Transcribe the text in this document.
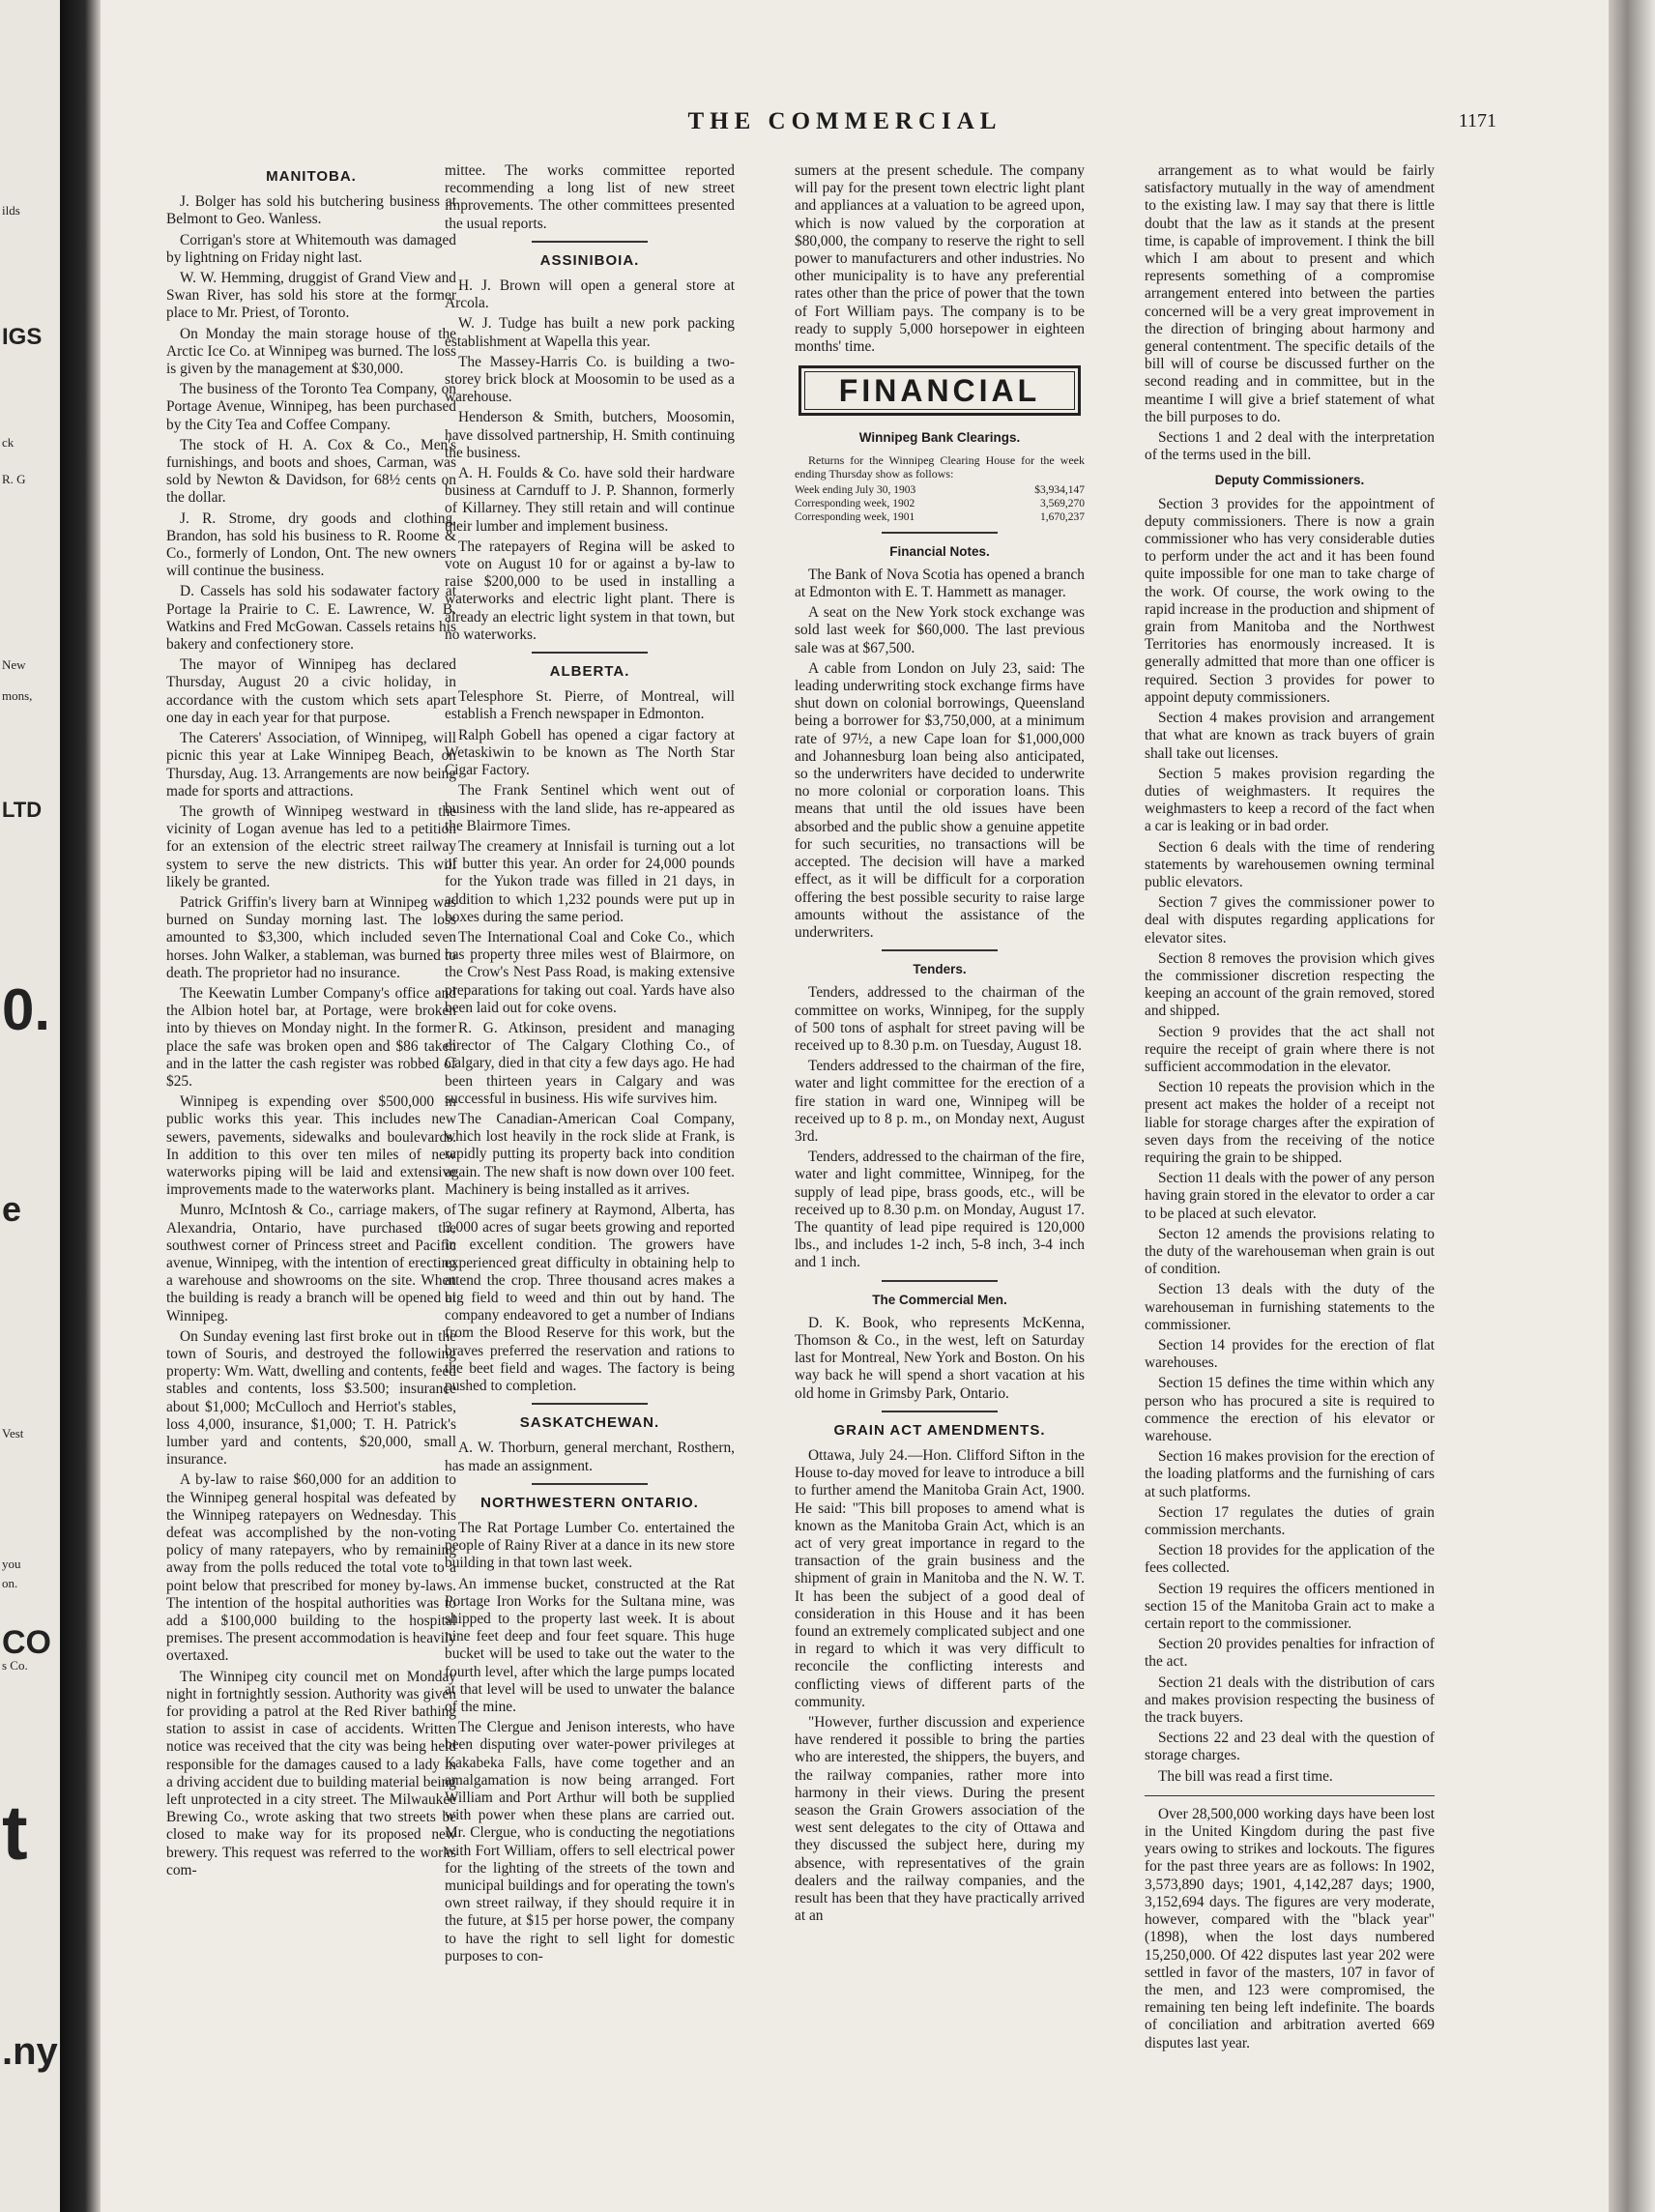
ilds
IGS
ck
R. G
New
mons,
LTD
0.
e
Vest
you
on.
CO
s Co.
t
.ny
THE COMMERCIAL	1171
MANITOBA.

J. Bolger has sold his butchering business at Belmont to Geo. Wanless.

Corrigan's store at Whitemouth was damaged by lightning on Friday night last.

W. W. Hemming, druggist of Grand View and Swan River, has sold his store at the former place to Mr. Priest, of Toronto.

On Monday the main storage house of the Arctic Ice Co. at Winnipeg was burned. The loss is given by the management at $30,000.

The business of the Toronto Tea Company, on Portage Avenue, Winnipeg, has been purchased by the City Tea and Coffee Company.

The stock of H. A. Cox & Co., Men's furnishings, and boots and shoes, Carman, was sold by Newton & Davidson, for 68½ cents on the dollar.

J. R. Strome, dry goods and clothing, Brandon, has sold his business to R. Roome & Co., formerly of London, Ont. The new owners will continue the business.

D. Cassels has sold his sodawater factory at Portage la Prairie to C. E. Lawrence, W. B. Watkins and Fred McGowan. Cassels retains his bakery and confectionery store.

The mayor of Winnipeg has declared Thursday, August 20 a civic holiday, in accordance with the custom which sets apart one day in each year for that purpose.

The Caterers' Association, of Winnipeg, will picnic this year at Lake Winnipeg Beach, on Thursday, Aug. 13. Arrangements are now being made for sports and attractions.

The growth of Winnipeg westward in the vicinity of Logan avenue has led to a petition for an extension of the electric street railway system to serve the new districts. This will likely be granted.

Patrick Griffin's livery barn at Winnipeg was burned on Sunday morning last. The loss amounted to $3,300, which included seven horses. John Walker, a stableman, was burned to death. The proprietor had no insurance.

The Keewatin Lumber Company's office and the Albion hotel bar, at Portage, were broken into by thieves on Monday night. In the former place the safe was broken open and $86 taken and in the latter the cash register was robbed of $25.

Winnipeg is expending over $500,000 in public works this year. This includes new sewers, pavements, sidewalks and boulevards. In addition to this over ten miles of new waterworks piping will be laid and extensive improvements made to the waterworks plant.

Munro, McIntosh & Co., carriage makers, of Alexandria, Ontario, have purchased the southwest corner of Princess street and Pacific avenue, Winnipeg, with the intention of erecting a warehouse and showrooms on the site. When the building is ready a branch will be opened at Winnipeg.

On Sunday evening last first broke out in the town of Souris, and destroyed the following property: Wm. Watt, dwelling and contents, feed stables and contents, loss $3.500; insurance about $1,000; McCulloch and Herriot's stables, loss 4,000, insurance, $1,000; T. H. Patrick's lumber yard and contents, $20,000, small insurance.

A by-law to raise $60,000 for an addition to the Winnipeg general hospital was defeated by the Winnipeg ratepayers on Wednesday. This defeat was accomplished by the non-voting policy of many ratepayers, who by remaining away from the polls reduced the total vote to a point below that prescribed for money by-laws. The intention of the hospital authorities was to add a $100,000 building to the hospital premises. The present accommodation is heavily overtaxed.

The Winnipeg city council met on Monday night in fortnightly session. Authority was given for providing a patrol at the Red River bathing station to assist in case of accidents. Written notice was received that the city was being held responsible for the damages caused to a lady in a driving accident due to building material being left unprotected in a city street. The Milwaukee Brewing Co., wrote asking that two streets be closed to make way for its proposed new brewery. This request was referred to the works com-

mittee. The works committee reported recommending a long list of new street improvements. The other committees presented the usual reports.

ASSINIBOIA.

H. J. Brown will open a general store at Arcola.

W. J. Tudge has built a new pork packing establishment at Wapella this year.

The Massey-Harris Co. is building a two-storey brick block at Moosomin to be used as a warehouse.

Henderson & Smith, butchers, Moosomin, have dissolved partnership, H. Smith continuing the business.

A. H. Foulds & Co. have sold their hardware business at Carnduff to J. P. Shannon, formerly of Killarney. They still retain and will continue their lumber and implement business.

The ratepayers of Regina will be asked to vote on August 10 for or against a by-law to raise $200,000 to be used in installing a waterworks and electric light plant. There is already an electric light system in that town, but no waterworks.

ALBERTA.

Telesphore St. Pierre, of Montreal, will establish a French newspaper in Edmonton.

Ralph Gobell has opened a cigar factory at Wetaskiwin to be known as The North Star Cigar Factory.

The Frank Sentinel which went out of business with the land slide, has re-appeared as the Blairmore Times.

The creamery at Innisfail is turning out a lot of butter this year. An order for 24,000 pounds for the Yukon trade was filled in 21 days, in addition to which 1,232 pounds were put up in boxes during the same period.

The International Coal and Coke Co., which has property three miles west of Blairmore, on the Crow's Nest Pass Road, is making extensive preparations for taking out coal. Yards have also been laid out for coke ovens.

R. G. Atkinson, president and managing director of The Calgary Clothing Co., of Calgary, died in that city a few days ago. He had been thirteen years in Calgary and was successful in business. His wife survives him.

The Canadian-American Coal Company, which lost heavily in the rock slide at Frank, is rapidly putting its property back into condition again. The new shaft is now down over 100 feet. Machinery is being installed as it arrives.

The sugar refinery at Raymond, Alberta, has 3,000 acres of sugar beets growing and reported in excellent condition. The growers have experienced great difficulty in obtaining help to attend the crop. Three thousand acres makes a big field to weed and thin out by hand. The company endeavored to get a number of Indians from the Blood Reserve for this work, but the braves preferred the reservation and rations to the beet field and wages. The factory is being pushed to completion.

SASKATCHEWAN.

A. W. Thorburn, general merchant, Rosthern, has made an assignment.

NORTHWESTERN ONTARIO.

The Rat Portage Lumber Co. entertained the people of Rainy River at a dance in its new store building in that town last week.

An immense bucket, constructed at the Rat Portage Iron Works for the Sultana mine, was shipped to the property last week. It is about nine feet deep and four feet square. This huge bucket will be used to take out the water to the fourth level, after which the large pumps located at that level will be used to unwater the balance of the mine.

The Clergue and Jenison interests, who have been disputing over water-power privileges at Kakabeka Falls, have come together and an amalgamation is now being arranged. Fort William and Port Arthur will both be supplied with power when these plans are carried out. Mr. Clergue, who is conducting the negotiations with Fort William, offers to sell electrical power for the lighting of the streets of the town and municipal buildings and for operating the town's own street railway, if they should require it in the future, at $15 per horse power, the company to have the right to sell light for domestic purposes to con-

sumers at the present schedule. The company will pay for the present town electric light plant and appliances at a valuation to be agreed upon, which is now valued by the corporation at $80,000, the company to reserve the right to sell power to manufacturers and other industries. No other municipality is to have any preferential rates other than the price of power that the town of Fort William pays. The company is to be ready to supply 5,000 horsepower in eighteen months' time.

FINANCIAL
Winnipeg Bank Clearings.

Returns for the Winnipeg Clearing House for the week ending Thursday show as follows:

Week ending July 30, 1903	$3,934,147
Corresponding week, 1902	3,569,270
Corresponding week, 1901	1,670,237
Financial Notes.

The Bank of Nova Scotia has opened a branch at Edmonton with E. T. Hammett as manager.

A seat on the New York stock exchange was sold last week for $60,000. The last previous sale was at $67,500.

A cable from London on July 23, said: The leading underwriting stock exchange firms have shut down on colonial borrowings, Queensland being a borrower for $3,750,000, at a minimum rate of 97½, a new Cape loan for $1,000,000 and Johannesburg loan being also anticipated, so the underwriters have decided to underwrite no more colonial or corporation loans. This means that until the old issues have been absorbed and the public show a genuine appetite for such securities, no transactions will be accepted. The decision will have a marked effect, as it will be difficult for a corporation offering the best possible security to raise large amounts without the assistance of the underwriters.

Tenders.

Tenders, addressed to the chairman of the committee on works, Winnipeg, for the supply of 500 tons of asphalt for street paving will be received up to 8.30 p.m. on Tuesday, August 18.

Tenders addressed to the chairman of the fire, water and light committee for the erection of a fire station in ward one, Winnipeg will be received up to 8 p. m., on Monday next, August 3rd.

Tenders, addressed to the chairman of the fire, water and light committee, Winnipeg, for the supply of lead pipe, brass goods, etc., will be received up to 8.30 p.m. on Monday, August 17. The quantity of lead pipe required is 120,000 lbs., and includes 1-2 inch, 5-8 inch, 3-4 inch and 1 inch.

The Commercial Men.

D. K. Book, who represents McKenna, Thomson & Co., in the west, left on Saturday last for Montreal, New York and Boston. On his way back he will spend a short vacation at his old home in Grimsby Park, Ontario.

GRAIN ACT AMENDMENTS.

Ottawa, July 24.—Hon. Clifford Sifton in the House to-day moved for leave to introduce a bill to further amend the Manitoba Grain Act, 1900. He said: "This bill proposes to amend what is known as the Manitoba Grain Act, which is an act of very great importance in regard to the transaction of the grain business and the shipment of grain in Manitoba and the N. W. T. It has been the subject of a good deal of consideration in this House and it has been found an extremely complicated subject and one in regard to which it was very difficult to reconcile the conflicting interests and conflicting views of different parts of the community.

"However, further discussion and experience have rendered it possible to bring the parties who are interested, the shippers, the buyers, and the railway companies, rather more into harmony in their views. During the present season the Grain Growers association of the west sent delegates to the city of Ottawa and they discussed the subject here, during my absence, with representatives of the grain dealers and the railway companies, and the result has been that they have practically arrived at an

arrangement as to what would be fairly satisfactory mutually in the way of amendment to the existing law. I may say that there is little doubt that the law as it stands at the present time, is capable of improvement. I think the bill which I am about to present and which represents something of a compromise arrangement entered into between the parties concerned will be a very great improvement in the direction of bringing about harmony and general contentment. The specific details of the bill will of course be discussed further on the second reading and in committee, but in the meantime I will give a brief statement of what the bill purposes to do.

Sections 1 and 2 deal with the interpretation of the terms used in the bill.

Deputy Commissioners.

Section 3 provides for the appointment of deputy commissioners. There is now a grain commissioner who has very considerable duties to perform under the act and it has been found quite impossible for one man to take charge of the work. Of course, the work owing to the rapid increase in the production and shipment of grain from Manitoba and the Northwest Territories has enormously increased. It is generally admitted that more than one officer is required. Section 3 provides for power to appoint deputy commissioners.

Section 4 makes provision and arrangement that what are known as track buyers of grain shall take out licenses.

Section 5 makes provision regarding the duties of weighmasters. It requires the weighmasters to keep a record of the fact when a car is leaking or in bad order.

Section 6 deals with the time of rendering statements by warehousemen owning terminal public elevators.

Section 7 gives the commissioner power to deal with disputes regarding applications for elevator sites.

Section 8 removes the provision which gives the commissioner discretion respecting the keeping an account of the grain removed, stored and shipped.

Section 9 provides that the act shall not require the receipt of grain where there is not sufficient accommodation in the elevator.

Section 10 repeats the provision which in the present act makes the holder of a receipt not liable for storage charges after the expiration of seven days from the receiving of the notice requiring the grain to be shipped.

Section 11 deals with the power of any person having grain stored in the elevator to order a car to be placed at such elevator.

Secton 12 amends the provisions relating to the duty of the warehouseman when grain is out of condition.

Section 13 deals with the duty of the warehouseman in furnishing statements to the commissioner.

Section 14 provides for the erection of flat warehouses.

Section 15 defines the time within which any person who has procured a site is required to commence the erection of his elevator or warehouse.

Section 16 makes provision for the erection of the loading platforms and the furnishing of cars at such platforms.

Section 17 regulates the duties of grain commission merchants.

Section 18 provides for the application of the fees collected.

Section 19 requires the officers mentioned in section 15 of the Manitoba Grain act to make a certain report to the commissioner.

Section 20 provides penalties for infraction of the act.

Section 21 deals with the distribution of cars and makes provision respecting the business of the track buyers.

Sections 22 and 23 deal with the question of storage charges.

The bill was read a first time.

Over 28,500,000 working days have been lost in the United Kingdom during the past five years owing to strikes and lockouts. The figures for the past three years are as follows: In 1902, 3,573,890 days; 1901, 4,142,287 days; 1900, 3,152,694 days. The figures are very moderate, however, compared with the "black year" (1898), when the lost days numbered 15,250,000. Of 422 disputes last year 202 were settled in favor of the masters, 107 in favor of the men, and 123 were compromised, the remaining ten being left indefinite. The boards of conciliation and arbitration averted 669 disputes last year.
